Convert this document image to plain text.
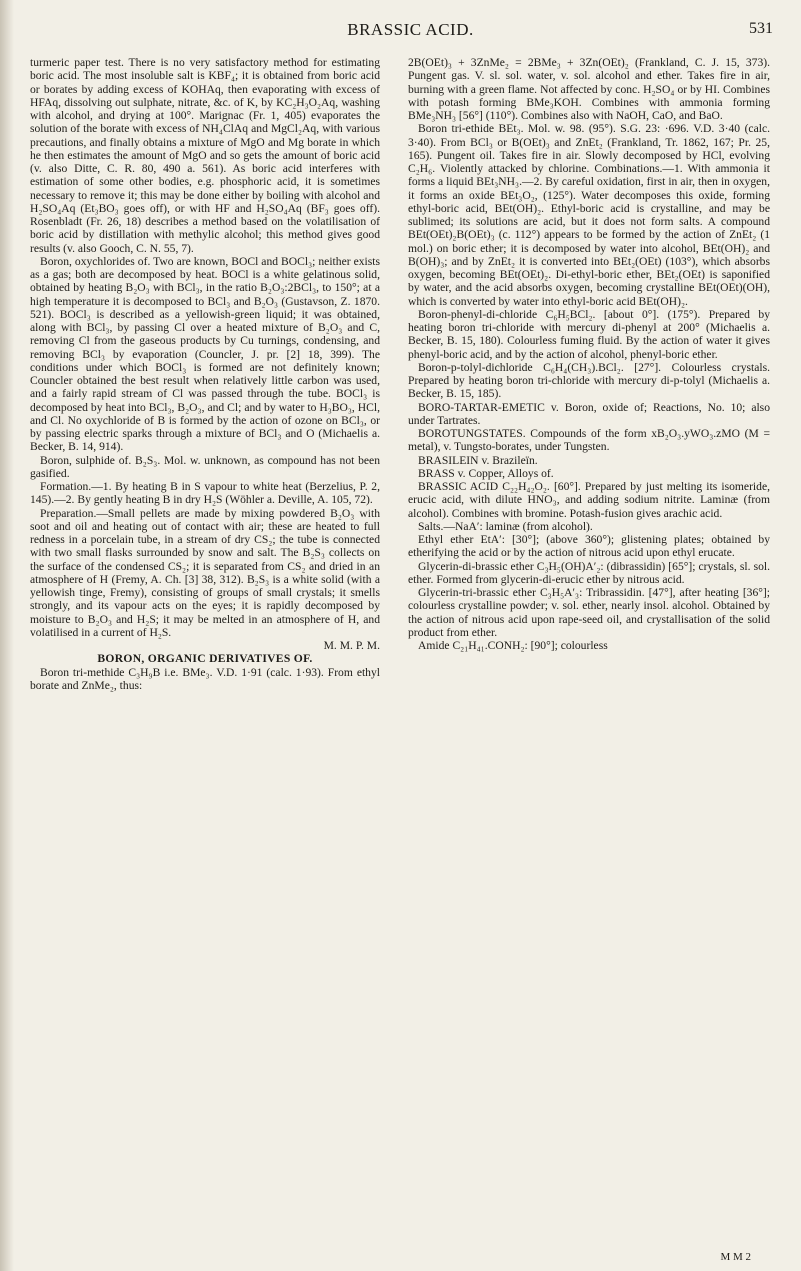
BRASSIC ACID.	531

turmeric paper test. There is no very satisfactory method for estimating boric acid. The most insoluble salt is KBF₄; it is obtained from boric acid or borates by adding excess of KOHAq, then evaporating with excess of HFAq, dissolving out sulphate, nitrate, &c. of K, by KC₂H₃O₂Aq, washing with alcohol, and drying at 100°. Marignac (Fr. 1, 405) evaporates the solution of the borate with excess of NH₄ClAq and MgCl₂Aq, with various precautions, and finally obtains a mixture of MgO and Mg borate in which he then estimates the amount of MgO and so gets the amount of boric acid (v. also Ditte, C. R. 80, 490 a. 561). As boric acid interferes with estimation of some other bodies, e.g. phosphoric acid, it is sometimes necessary to remove it; this may be done either by boiling with alcohol and H₂SO₄Aq (Et₃BO₃ goes off), or with HF and H₂SO₄Aq (BF₃ goes off). Rosenbladt (Fr. 26, 18) describes a method based on the volatilisation of boric acid by distillation with methylic alcohol; this method gives good results (v. also Gooch, C. N. 55, 7).

Boron, oxychlorides of. Two are known, BOCl and BOCl₃; neither exists as a gas; both are decomposed by heat. BOCl is a white gelatinous solid, obtained by heating B₂O₃ with BCl₃, in the ratio B₂O₃:2BCl₃, to 150°; at a high temperature it is decomposed to BCl₃ and B₂O₃ (Gustavson, Z. 1870. 521). BOCl₃ is described as a yellowish-green liquid; it was obtained, along with BCl₃, by passing Cl over a heated mixture of B₂O₃ and C, removing Cl from the gaseous products by Cu turnings, condensing, and removing BCl₃ by evaporation (Councler, J. pr. [2] 18, 399). The conditions under which BOCl₃ is formed are not definitely known; Councler obtained the best result when relatively little carbon was used, and a fairly rapid stream of Cl was passed through the tube. BOCl₃ is decomposed by heat into BCl₃, B₂O₃, and Cl; and by water to H₃BO₃, HCl, and Cl. No oxychloride of B is formed by the action of ozone on BCl₃, or by passing electric sparks through a mixture of BCl₃ and O (Michaelis a. Becker, B. 14, 914).

Boron, sulphide of. B₂S₃. Mol. w. unknown, as compound has not been gasified.

Formation.—1. By heating B in S vapour to white heat (Berzelius, P. 2, 145).—2. By gently heating B in dry H₂S (Wöhler a. Deville, A. 105, 72).

Preparation.—Small pellets are made by mixing powdered B₂O₃ with soot and oil and heating out of contact with air; these are heated to full redness in a porcelain tube, in a stream of dry CS₂; the tube is connected with two small flasks surrounded by snow and salt. The B₂S₃ collects on the surface of the condensed CS₂; it is separated from CS₂ and dried in an atmosphere of H (Fremy, A. Ch. [3] 38, 312). B₂S₃ is a white solid (with a yellowish tinge, Fremy), consisting of groups of small crystals; it smells strongly, and its vapour acts on the eyes; it is rapidly decomposed by moisture to B₂O₃ and H₂S; it may be melted in an atmosphere of H, and volatilised in a current of H₂S.

M. M. P. M.

BORON, ORGANIC DERIVATIVES OF.

Boron tri-methide C₃H₉B i.e. BMe₃. V.D. 1·91 (calc. 1·93). From ethyl borate and ZnMe₂, thus:

2B(OEt)₃ + 3ZnMe₂ = 2BMe₃ + 3Zn(OEt)₂ (Frankland, C. J. 15, 373). Pungent gas. V. sl. sol. water, v. sol. alcohol and ether. Takes fire in air, burning with a green flame. Not affected by conc. H₂SO₄ or by HI. Combines with potash forming BMe₃KOH. Combines with ammonia forming BMe₃NH₃ [56°] (110°). Combines also with NaOH, CaO, and BaO.

Boron tri-ethide BEt₃. Mol. w. 98. (95°). S.G. 23: ·696. V.D. 3·40 (calc. 3·40). From BCl₃ or B(OEt)₃ and ZnEt₂ (Frankland, Tr. 1862, 167; Pr. 25, 165). Pungent oil. Takes fire in air. Slowly decomposed by HCl, evolving C₂H₆. Violently attacked by chlorine. Combinations.—1. With ammonia it forms a liquid BEt₃NH₃.—2. By careful oxidation, first in air, then in oxygen, it forms an oxide BEt₃O₂, (125°). Water decomposes this oxide, forming ethyl-boric acid, BEt(OH)₂. Ethyl-boric acid is crystalline, and may be sublimed; its solutions are acid, but it does not form salts. A compound BEt(OEt)₂B(OEt)₃ (c. 112°) appears to be formed by the action of ZnEt₂ (1 mol.) on boric ether; it is decomposed by water into alcohol, BEt(OH)₂ and B(OH)₃; and by ZnEt₂ it is converted into BEt₂(OEt) (103°), which absorbs oxygen, becoming BEt(OEt)₂. Di-ethyl-boric ether, BEt₂(OEt) is saponified by water, and the acid absorbs oxygen, becoming crystalline BEt(OEt)(OH), which is converted by water into ethyl-boric acid BEt(OH)₂.

Boron-phenyl-di-chloride C₆H₅BCl₂. [about 0°]. (175°). Prepared by heating boron tri-chloride with mercury di-phenyl at 200° (Michaelis a. Becker, B. 15, 180). Colourless fuming fluid. By the action of water it gives phenyl-boric acid, and by the action of alcohol, phenyl-boric ether.

Boron-p-tolyl-dichloride C₆H₄(CH₃).BCl₂. [27°]. Colourless crystals. Prepared by heating boron tri-chloride with mercury di-p-tolyl (Michaelis a. Becker, B. 15, 185).

BORO-TARTAR-EMETIC v. Boron, oxide of; Reactions, No. 10; also under Tartrates.

BOROTUNGSTATES. Compounds of the form xB₂O₃.yWO₃.zMO (M = metal), v. Tungsto-borates, under Tungsten.

BRASILEIN v. Brazileïn.

BRASS v. Copper, Alloys of.

BRASSIC ACID C₂₂H₄₂O₂. [60°]. Prepared by just melting its isomeride, erucic acid, with dilute HNO₃, and adding sodium nitrite. Laminæ (from alcohol). Combines with bromine. Potash-fusion gives arachic acid.

Salts.—NaA′: laminæ (from alcohol).

Ethyl ether EtA′: [30°]; (above 360°); glistening plates; obtained by etherifying the acid or by the action of nitrous acid upon ethyl erucate.

Glycerin-di-brassic ether C₃H₅(OH)A′₂: (dibrassidin) [65°]; crystals, sl. sol. ether. Formed from glycerin-di-erucic ether by nitrous acid.

Glycerin-tri-brassic ether C₃H₅A′₃: Tribrassidin. [47°], after heating [36°]; colourless crystalline powder; v. sol. ether, nearly insol. alcohol. Obtained by the action of nitrous acid upon rape-seed oil, and crystallisation of the solid product from ether.

Amide C₂₁H₄₁.CONH₂: [90°]; colourless

M M 2
